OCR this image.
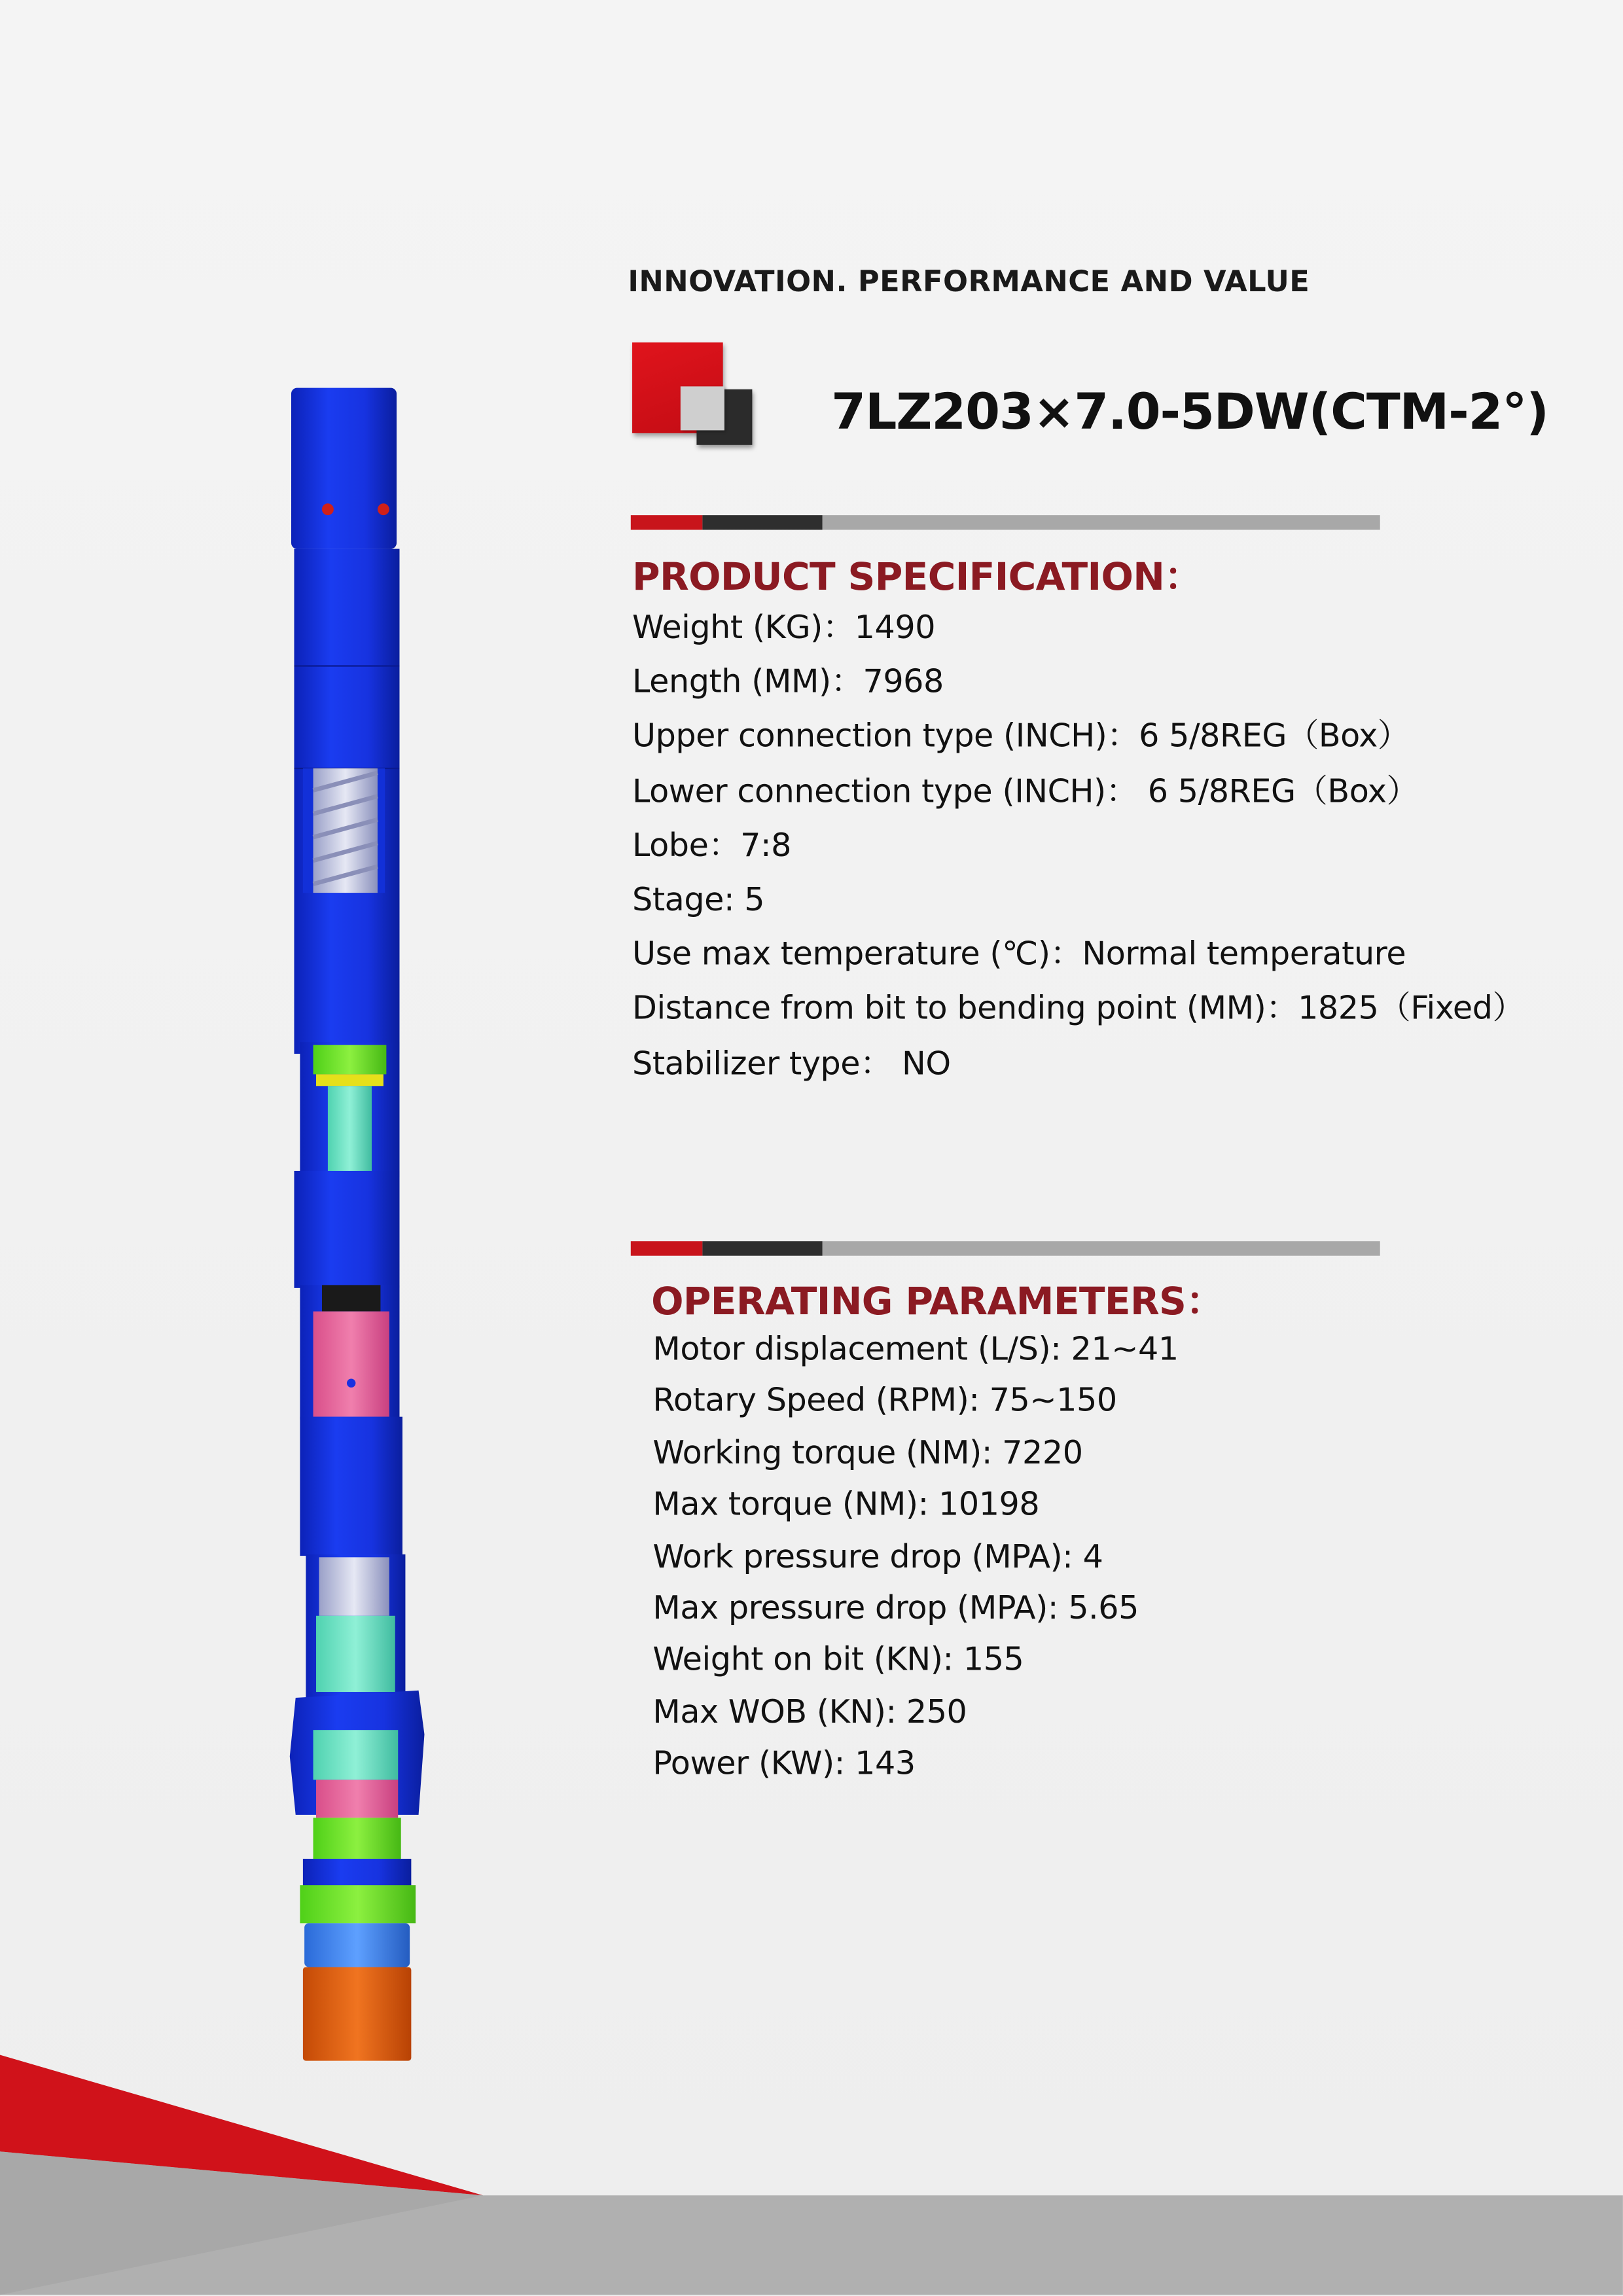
INNOVATION. PERFORMANCE AND VALUE
7LZ203×7.0-5DW(CTM-2°)
PRODUCT SPECIFICATION：
Weight (KG)：1490
Length (MM)：7968
Upper connection type (INCH)：6 5/8REG（Box）
Lower connection type (INCH)： 6 5/8REG（Box）
Lobe：7:8
Stage: 5
Use max temperature (℃)：Normal temperature
Distance from bit to bending point (MM)：1825（Fixed）
Stabilizer type： NO
OPERATING PARAMETERS：
Motor displacement (L/S): 21~41
Rotary Speed (RPM): 75~150
Working torque (NM): 7220
Max torque (NM): 10198
Work pressure drop (MPA): 4
Max pressure drop (MPA): 5.65
Weight on bit (KN): 155
Max WOB (KN): 250
Power (KW): 143
